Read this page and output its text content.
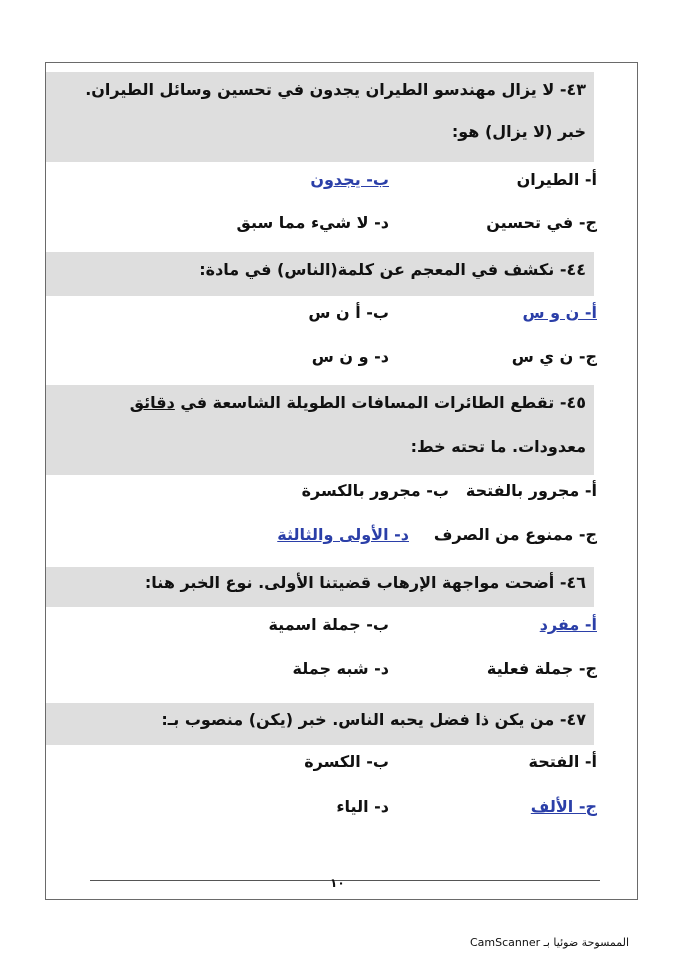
٤٣- لا يزال مهندسو الطيران يجدون في تحسين وسائل الطيران.
خبر (لا يزال) هو:
أ- الطيران
ب- يجدون
ج- في تحسين
د- لا شيء مما سبق
٤٤- نكشف في المعجم عن كلمة(الناس) في مادة:
أ- ن و س
ب- أ ن س
ج- ن ي س
د- و ن س
٤٥- تقطع الطائرات المسافات الطويلة الشاسعة في دقائق
معدودات. ما تحته خط:
أ- مجرور بالفتحة
ب- مجرور بالكسرة
ج- ممنوع من الصرف
د- الأولى والثالثة
٤٦- أضحت مواجهة الإرهاب قضيتنا الأولى. نوع الخبر هنا:
أ- مفرد
ب- جملة اسمية
ج- جملة فعلية
د- شبه جملة
٤٧- من يكن ذا فضل يحبه الناس. خبر (يكن) منصوب بـ:
أ- الفتحة
ب- الكسرة
ج- الألف
د- الياء
١٠
الممسوحة ضوئيا بـ CamScanner
